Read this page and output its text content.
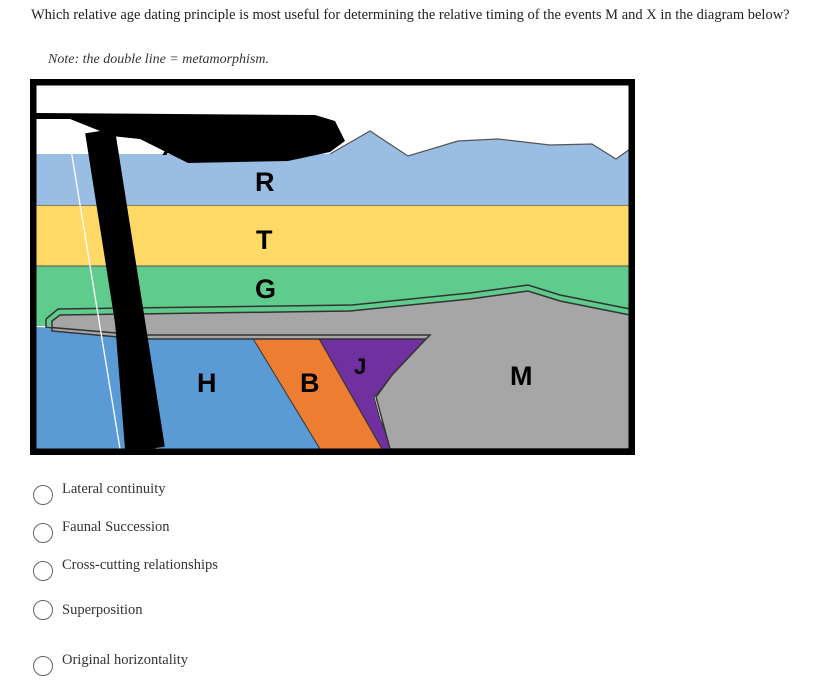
Which relative age dating principle is most useful for determining the relative timing of the events M and X in the diagram below?
Note: the double line = metamorphism.
X
R
T
G
H	B
J	M
Lateral continuity
Faunal Succession
Cross-cutting relationships
Superposition
Original horizontality
